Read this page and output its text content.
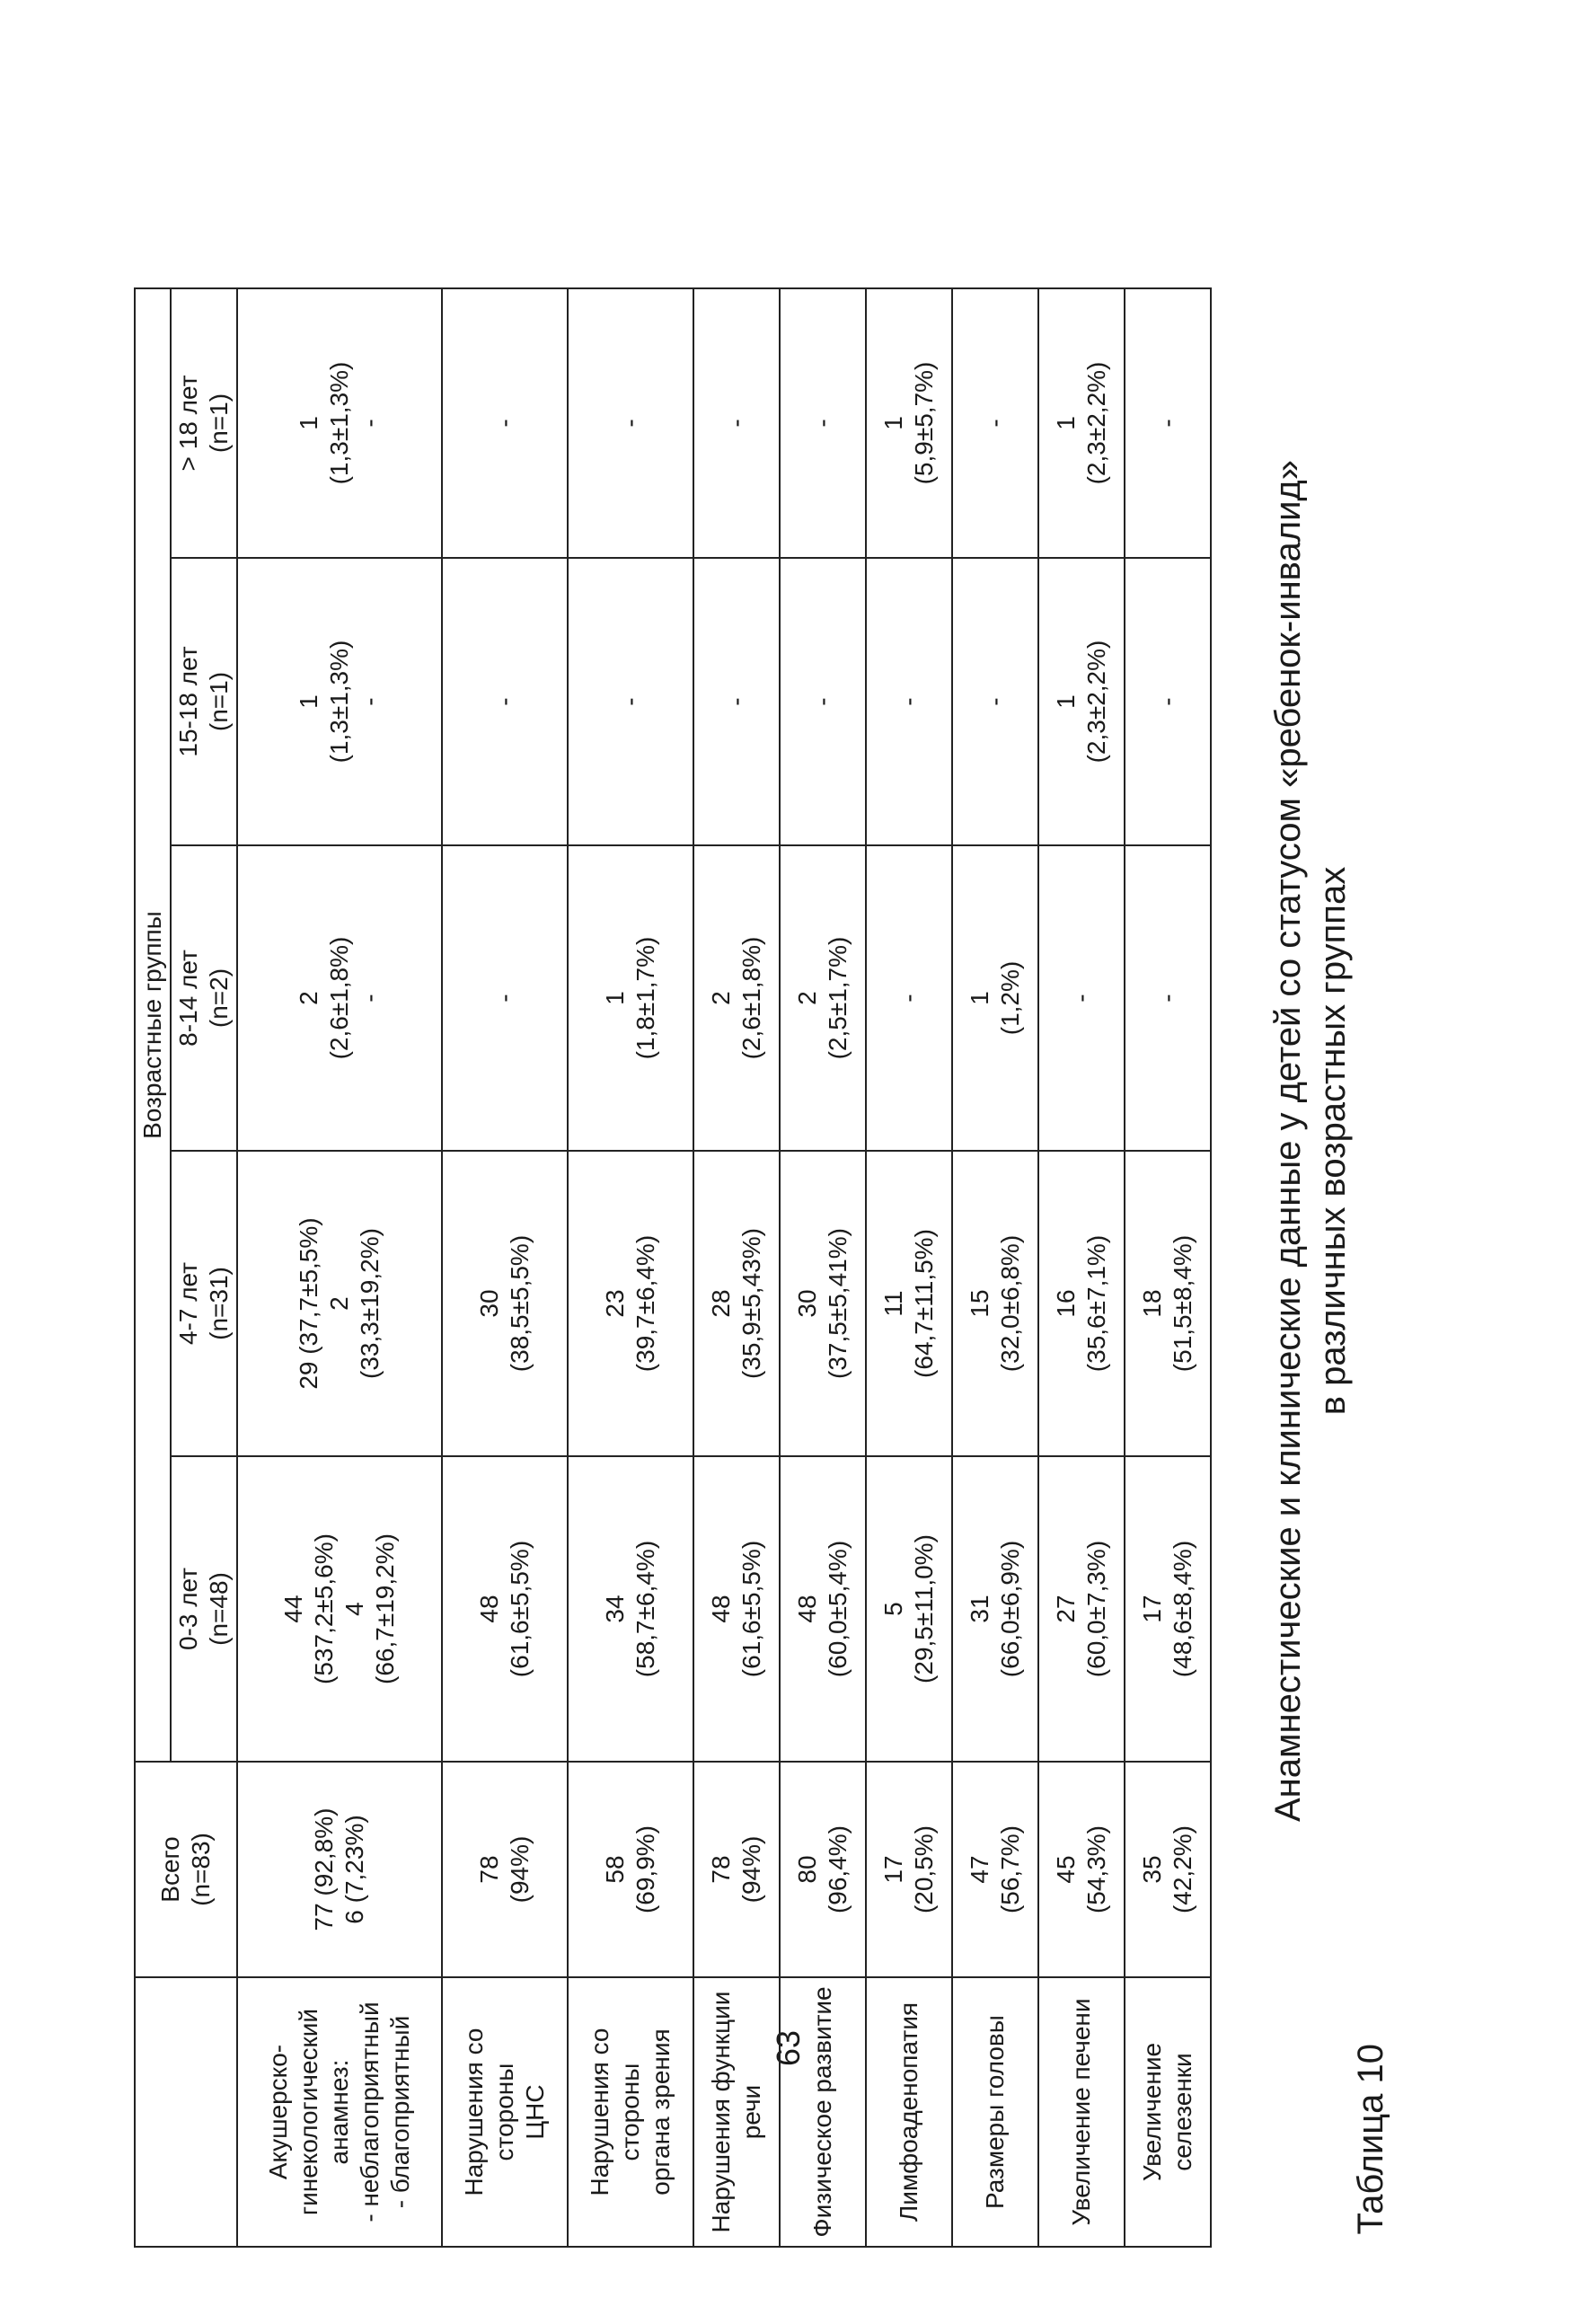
63	Таблица 10
Анамнестические и клинические данные у детей со статусом «ребенок-инвалид» в различных возрастных группах

	Всего (n=83)	Возрастные группы				

		0-3 лет (n=48)	4-7 лет (n=31)	8-14 лет (n=2)	15-18 лет (n=1)	> 18 лет (n=1)

Акушерско- гинекологический анамнез: - неблагоприятный - благоприятный	77 (92,8%) 6 (7,23%)	44 (537,2±5,6%) 4 (66,7±19,2%)	29 (37,7±5,5%) 2 (33,3±19,2%)	2 (2,6±1,8%) -	1 (1,3±1,3%) -	1 (1,3±1,3%) -

Нарушения со стороны ЦНС	78 (94%)	48 (61,6±5,5%)	30 (38,5±5,5%)	-	-	-

Нарушения со стороны органа зрения	58 (69,9%)	34 (58,7±6,4%)	23 (39,7±6,4%)	1 (1,8±1,7%)	-	-

Нарушения функции речи	78 (94%)	48 (61,6±5,5%)	28 (35,9±5,43%)	2 (2,6±1,8%)	-	-

Физическое развитие	80 (96,4%)	48 (60,0±5,4%)	30 (37,5±5,41%)	2 (2,5±1,7%)	-	-

Лимфоаденопатия	17 (20,5%)	5 (29,5±11,0%)	11 (64,7±11,5%)	-	-	1 (5,9±5,7%)

Размеры головы	47 (56,7%)	31 (66,0±6,9%)	15 (32,0±6,8%)	1 (1,2%)	-	-

Увеличение печени	45 (54,3%)	27 (60,0±7,3%)	16 (35,6±7,1%)	-	1 (2,3±2,2%)	1 (2,3±2,2%)

Увеличение селезенки	35 (42,2%)	17 (48,6±8,4%)	18 (51,5±8,4%)	-	-	-
